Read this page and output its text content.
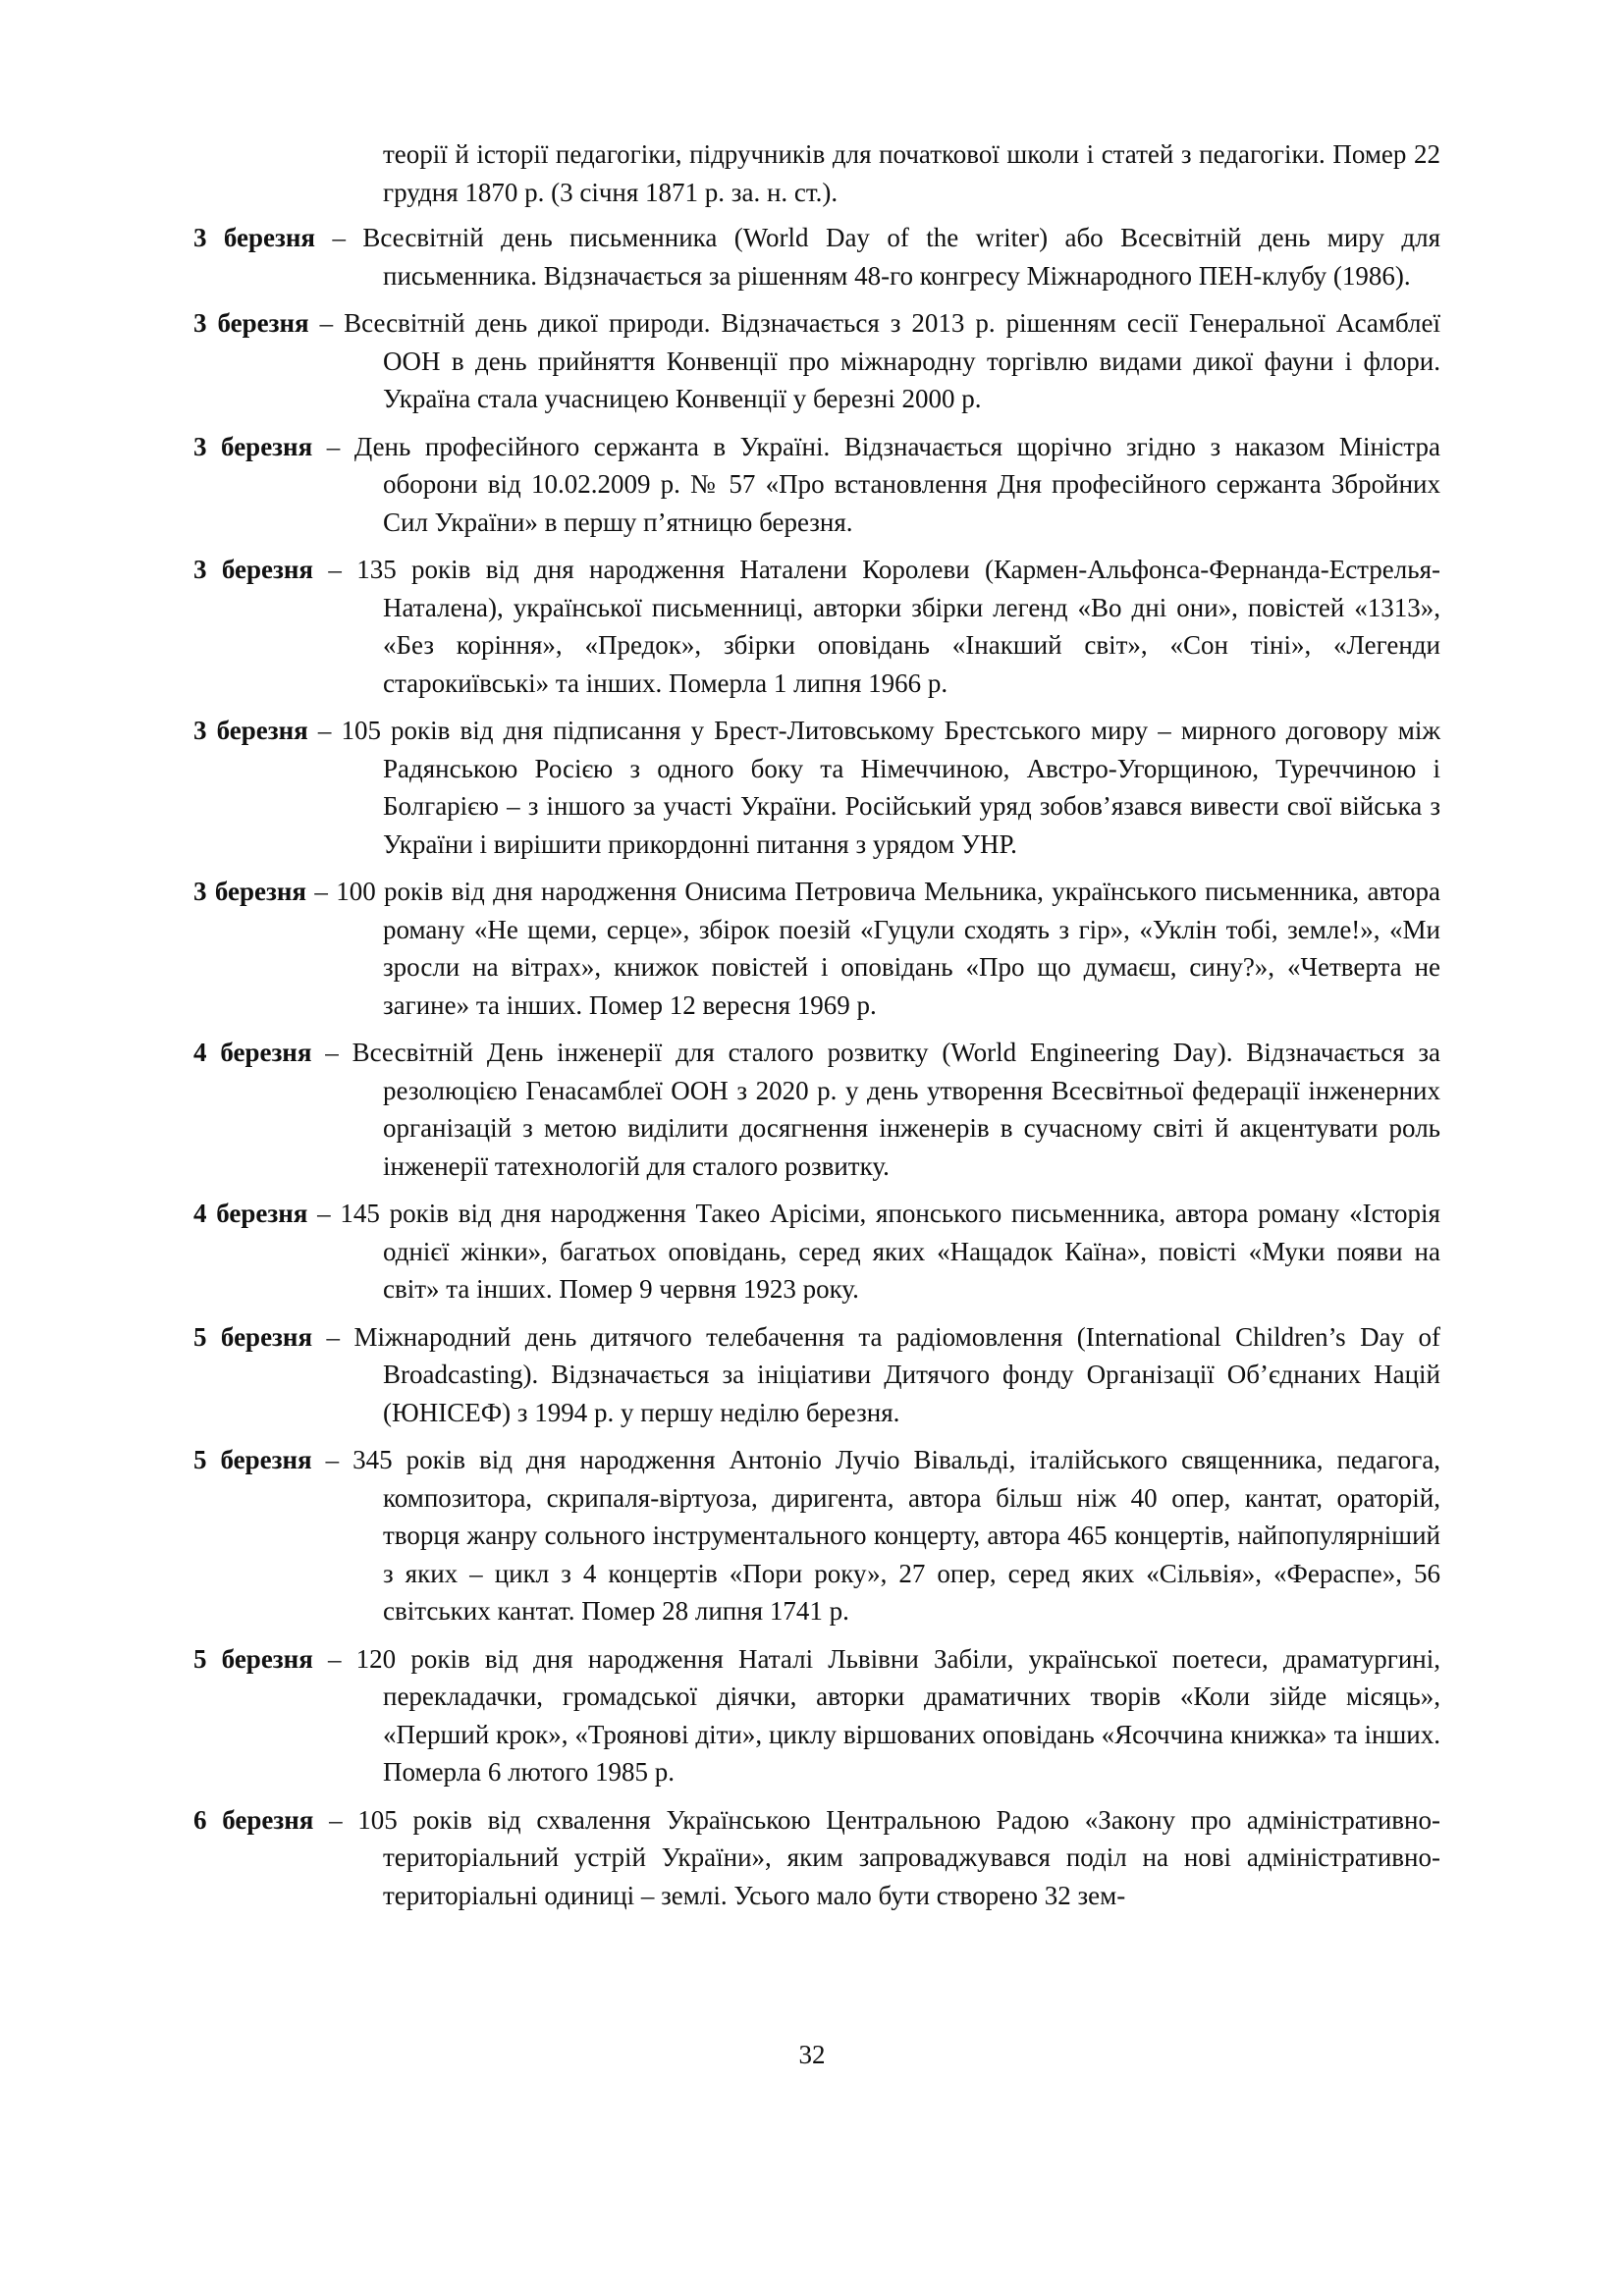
теорії й історії педагогіки, підручників для початкової школи і статей з педагогіки. Помер 22 грудня 1870 р. (3 січня 1871 р. за. н. ст.).

3 березня – Всесвітній день письменника (World Day of the writer) або Всесвітній день миру для письменника. Відзначається за рішенням 48-го конгресу Міжнародного ПЕН-клубу (1986).

3 березня – Всесвітній день дикої природи. Відзначається з 2013 р. рішенням сесії Генеральної Асамблеї ООН в день прийняття Конвенції про міжнародну торгівлю видами дикої фауни і флори. Україна стала учасницею Конвенції у березні 2000 р.

3 березня – День професійного сержанта в Україні. Відзначається щорічно згідно з наказом Міністра оборони від 10.02.2009 р. № 57 «Про встановлення Дня професійного сержанта Збройних Сил України» в першу п’ятницю березня.

3 березня – 135 років від дня народження Наталени Королеви (Кармен-Альфонса-Фернанда-Естрелья-Наталена), української письменниці, авторки збірки легенд «Во дні они», повістей «1313», «Без коріння», «Предок», збірки оповідань «Інакший світ», «Сон тіні», «Легенди старокиївські» та інших. Померла 1 липня 1966 р.

3 березня – 105 років від дня підписання у Брест-Литовському Брестського миру – мирного договору між Радянською Росією з одного боку та Німеччиною, Австро-Угорщиною, Туреччиною і Болгарією – з іншого за участі України. Російський уряд зобов’язався вивести свої війська з України і вирішити прикордонні питання з урядом УНР.

3 березня – 100 років від дня народження Онисима Петровича Мельника, українського письменника, автора роману «Не щеми, серце», збірок поезій «Гуцули сходять з гір», «Уклін тобі, земле!», «Ми зросли на вітрах», книжок повістей і оповідань «Про що думаєш, сину?», «Четверта не загине» та інших. Помер 12 вересня 1969 р.

4 березня – Всесвітній День інженерії для сталого розвитку (World Engineering Day). Відзначається за резолюцією Генасамблеї ООН з 2020 р. у день утворення Всесвітньої федерації інженерних організацій з метою виділити досягнення інженерів в сучасному світі й акцентувати роль інженерії татехнологій для сталого розвитку.

4 березня – 145 років від дня народження Такео Арісіми, японського письменника, автора роману «Історія однієї жінки», багатьох оповідань, серед яких «Нащадок Каїна», повісті «Муки появи на світ» та інших. Помер 9 червня 1923 року.

5 березня – Міжнародний день дитячого телебачення та радіомовлення (International Children’s Day of Broadcasting). Відзначається за ініціативи Дитячого фонду Організації Об’єднаних Націй (ЮНІСЕФ) з 1994 р. у першу неділю березня.

5 березня – 345 років від дня народження Антоніо Лучіо Вівальді, італійського священника, педагога, композитора, скрипаля-віртуоза, диригента, автора більш ніж 40 опер, кантат, ораторій, творця жанру сольного інструментального концерту, автора 465 концертів, найпопулярніший з яких – цикл з 4 концертів «Пори року», 27 опер, серед яких «Сільвія», «Ферaспе», 56 світських кантат. Помер 28 липня 1741 р.

5 березня – 120 років від дня народження Наталі Львівни Забіли, української поетеси, драматургині, перекладачки, громадської діячки, авторки драматичних творів «Коли зійде місяць», «Перший крок», «Троянові діти», циклу віршованих оповідань «Ясоччина книжка» та інших. Померла 6 лютого 1985 р.

6 березня – 105 років від схвалення Українською Центральною Радою «Закону про адміністративно-територіальний устрій України», яким запроваджувався поділ на нові адміністративно-територіальні одиниці – землі. Усього мало бути створено 32 зем-

32
